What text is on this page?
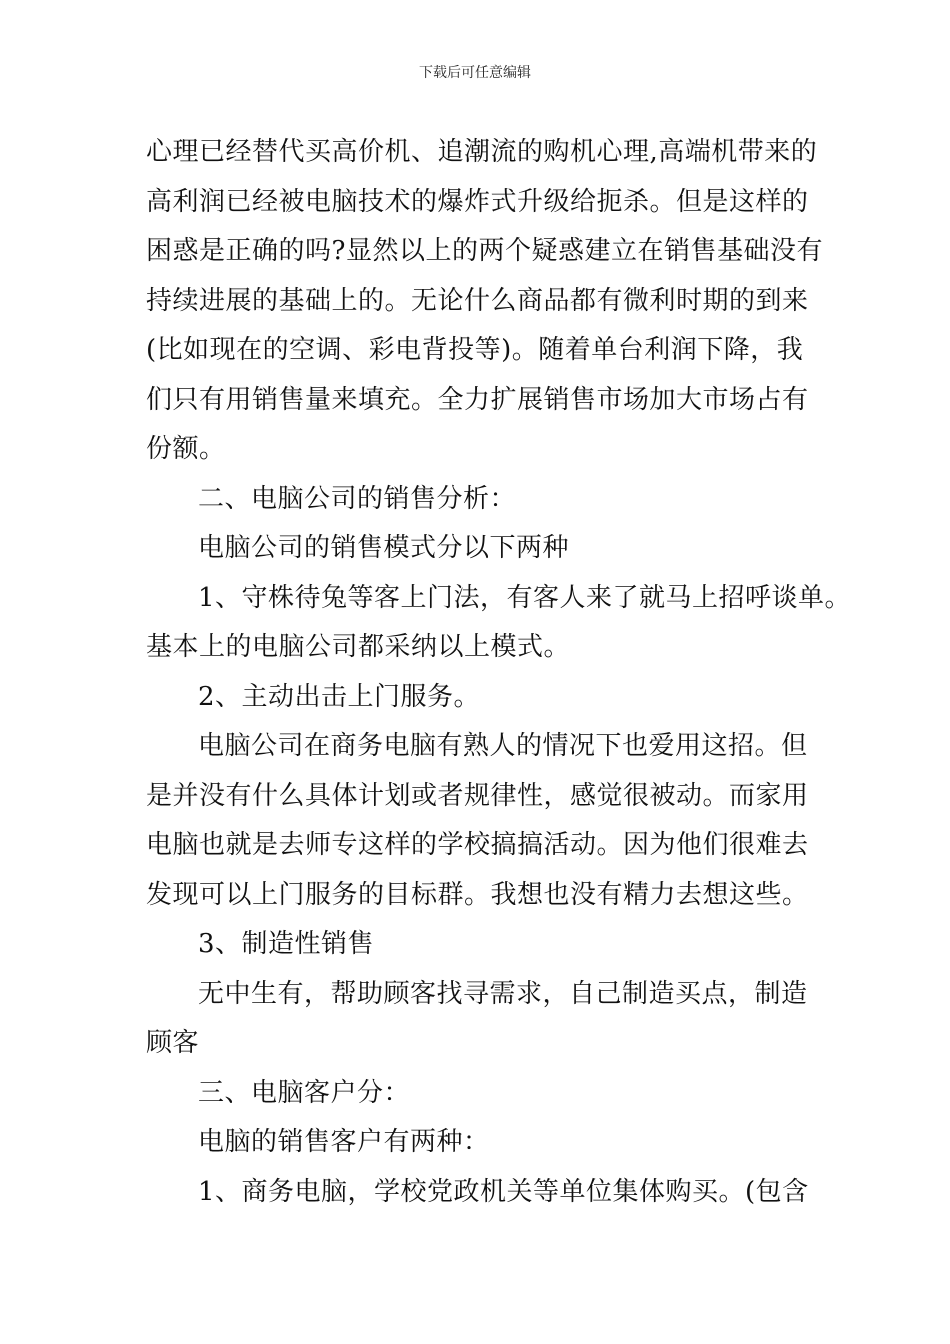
下载后可任意编辑
心理已经替代买高价机、追潮流的购机心理,高端机带来的
高利润已经被电脑技术的爆炸式升级给扼杀。但是这样的
困惑是正确的吗?显然以上的两个疑惑建立在销售基础没有
持续进展的基础上的。无论什么商品都有微利时期的到来
(比如现在的空调、彩电背投等)。随着单台利润下降，我
们只有用销售量来填充。全力扩展销售市场加大市场占有
份额。
二、电脑公司的销售分析：
电脑公司的销售模式分以下两种
1、守株待兔等客上门法，有客人来了就马上招呼谈单。
基本上的电脑公司都采纳以上模式。
2、主动出击上门服务。
电脑公司在商务电脑有熟人的情况下也爱用这招。但
是并没有什么具体计划或者规律性，感觉很被动。而家用
电脑也就是去师专这样的学校搞搞活动。因为他们很难去
发现可以上门服务的目标群。我想也没有精力去想这些。
3、制造性销售
无中生有，帮助顾客找寻需求，自己制造买点，制造
顾客
三、电脑客户分：
电脑的销售客户有两种：
1、商务电脑，学校党政机关等单位集体购买。(包含
